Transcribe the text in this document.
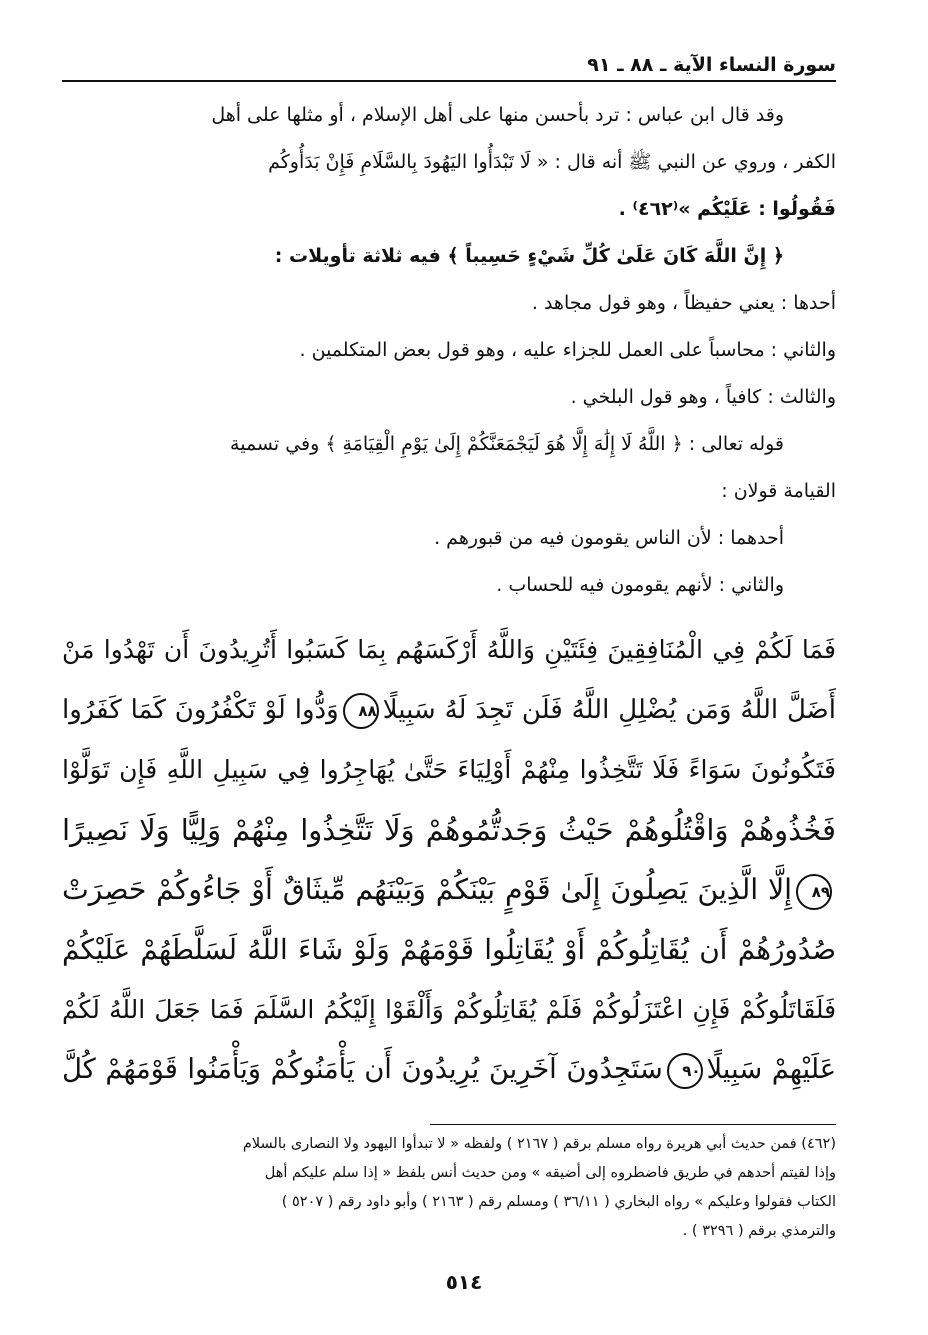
سورة النساء الآية ـ ٨٨ ـ ٩١

وقد قال ابن عباس : ترد بأحسن منها على أهل الإسلام ، أو مثلها على أهل

الكفر ، وروي عن النبي ﷺ أنه قال : « لَا تَبْدَأُوا اليَهُودَ بِالسَّلَامِ فَإِنْ بَدَأُوكُم

فَقُولُوا : عَلَيْكُم »⁽٤٦٢⁾ .

﴿ إِنَّ اللَّهَ كَانَ عَلَىٰ كُلِّ شَيْءٍ حَسِيباً ﴾ فيه ثلاثة تأويلات :

أحدها : يعني حفيظاً ، وهو قول مجاهد .

والثاني : محاسباً على العمل للجزاء عليه ، وهو قول بعض المتكلمين .

والثالث : كافياً ، وهو قول البلخي .

قوله تعالى : ﴿ اللَّهُ لَا إِلَٰهَ إِلَّا هُوَ لَيَجْمَعَنَّكُمْ إِلَىٰ يَوْمِ الْقِيَامَةِ ﴾ وفي تسمية

القيامة قولان :

أحدهما : لأن الناس يقومون فيه من قبورهم .

والثاني : لأنهم يقومون فيه للحساب .

فَمَا لَكُمْ فِي الْمُنَافِقِينَ فِئَتَيْنِ وَاللَّهُ أَرْكَسَهُم بِمَا كَسَبُوا أَتُرِيدُونَ أَن تَهْدُوا مَنْ

أَضَلَّ اللَّهُ وَمَن يُضْلِلِ اللَّهُ فَلَن تَجِدَ لَهُ سَبِيلًا٨٨وَدُّوا لَوْ تَكْفُرُونَ كَمَا كَفَرُوا

فَتَكُونُونَ سَوَاءً فَلَا تَتَّخِذُوا مِنْهُمْ أَوْلِيَاءَ حَتَّىٰ يُهَاجِرُوا فِي سَبِيلِ اللَّهِ فَإِن تَوَلَّوْا

فَخُذُوهُمْ وَاقْتُلُوهُمْ حَيْثُ وَجَدتُّمُوهُمْ وَلَا تَتَّخِذُوا مِنْهُمْ وَلِيًّا وَلَا نَصِيرًا

٨٩إِلَّا الَّذِينَ يَصِلُونَ إِلَىٰ قَوْمٍ بَيْنَكُمْ وَبَيْنَهُم مِّيثَاقٌ أَوْ جَاءُوكُمْ حَصِرَتْ

صُدُورُهُمْ أَن يُقَاتِلُوكُمْ أَوْ يُقَاتِلُوا قَوْمَهُمْ وَلَوْ شَاءَ اللَّهُ لَسَلَّطَهُمْ عَلَيْكُمْ

فَلَقَاتَلُوكُمْ فَإِنِ اعْتَزَلُوكُمْ فَلَمْ يُقَاتِلُوكُمْ وَأَلْقَوْا إِلَيْكُمُ السَّلَمَ فَمَا جَعَلَ اللَّهُ لَكُمْ

عَلَيْهِمْ سَبِيلًا٩٠سَتَجِدُونَ آخَرِينَ يُرِيدُونَ أَن يَأْمَنُوكُمْ وَيَأْمَنُوا قَوْمَهُمْ كُلَّ

(٤٦٢) فمن حديث أبي هريرة رواه مسلم برقم ( ٢١٦٧ ) ولفظه « لا تبدأوا اليهود ولا النصارى بالسلام

وإذا لقيتم أحدهم في طريق فاضطروه إلى أضيقه » ومن حديث أنس بلفظ « إذا سلم عليكم أهل

الكتاب فقولوا وعليكم » رواه البخاري ( ٣٦/١١ ) ومسلم رقم ( ٢١٦٣ ) وأبو داود رقم ( ٥٢٠٧ )

والترمذي برقم ( ٣٢٩٦ ) .

٥١٤
